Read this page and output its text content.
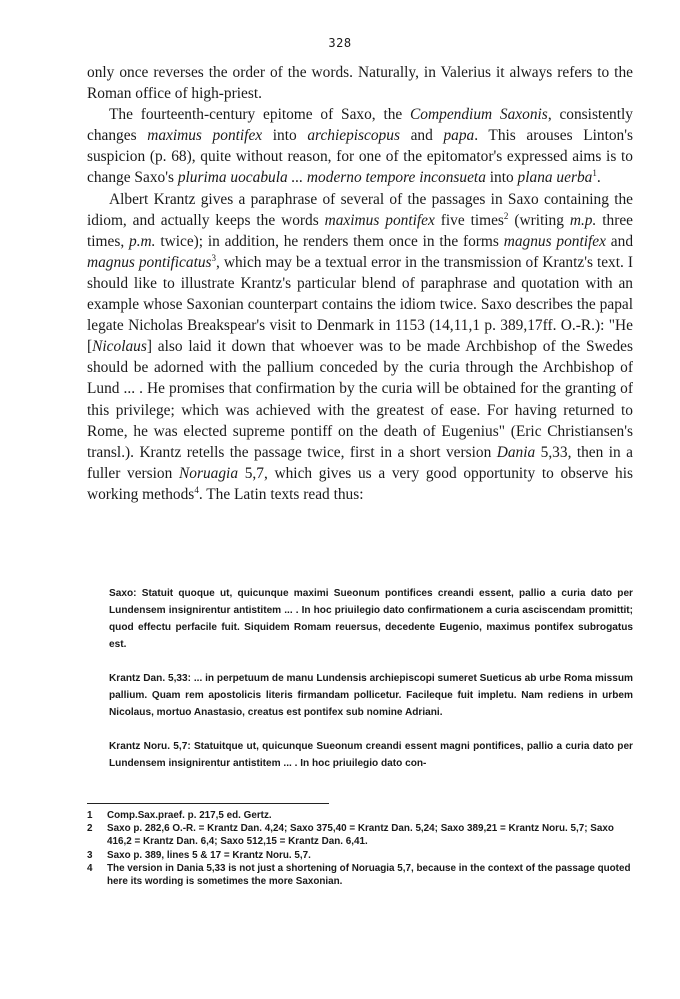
328

only once reverses the order of the words. Naturally, in Valerius it always refers to the Roman office of high-priest.

The fourteenth-century epitome of Saxo, the Compendium Saxonis, consistently changes maximus pontifex into archiepiscopus and papa. This arouses Linton's suspicion (p. 68), quite without reason, for one of the epitomator's expressed aims is to change Saxo's plurima uocabula ... moderno tempore inconsueta into plana uerba$^1$.

Albert Krantz gives a paraphrase of several of the passages in Saxo containing the idiom, and actually keeps the words maximus pontifex five times$^2$ (writing m.p. three times, p.m. twice); in addition, he renders them once in the forms magnus pontifex and magnus pontificatus$^3$, which may be a textual error in the transmission of Krantz's text. I should like to illustrate Krantz's particular blend of paraphrase and quotation with an example whose Saxonian counterpart contains the idiom twice. Saxo describes the papal legate Nicholas Breakspear's visit to Denmark in 1153 (14,11,1 p. 389,17ff. O.-R.): "He [Nicolaus] also laid it down that whoever was to be made Archbishop of the Swedes should be adorned with the pallium conceded by the curia through the Archbishop of Lund ... . He promises that confirmation by the curia will be obtained for the granting of this privilege; which was achieved with the greatest of ease. For having returned to Rome, he was elected supreme pontiff on the death of Eugenius" (Eric Christiansen's transl.). Krantz retells the passage twice, first in a short version Dania 5,33, then in a fuller version Noruagia 5,7, which gives us a very good opportunity to observe his working methods$^4$. The Latin texts read thus:

Saxo: Statuit quoque ut, quicunque maximi Sueonum pontifices creandi essent, pallio a curia dato per Lundensem insignirentur antistitem ... . In hoc priuilegio dato confirmationem a curia asciscendam promittit; quod effectu perfacile fuit. Siquidem Romam reuersus, decedente Eugenio, maximus pontifex subrogatus est.

Krantz Dan. 5,33: ... in perpetuum de manu Lundensis archiepiscopi sumeret Sueticus ab urbe Roma missum pallium. Quam rem apostolicis literis firmandam pollicetur. Facileque fuit impletu. Nam rediens in urbem Nicolaus, mortuo Anastasio, creatus est pontifex sub nomine Adriani.

Krantz Noru. 5,7: Statuitque ut, quicunque Sueonum creandi essent magni pontifices, pallio a curia dato per Lundensem insignirentur antistitem ... . In hoc priuilegio dato con-

1 Comp.Sax.praef. p. 217,5 ed. Gertz.
2 Saxo p. 282,6 O.-R. = Krantz Dan. 4,24; Saxo 375,40 = Krantz Dan. 5,24; Saxo 389,21 = Krantz Noru. 5,7; Saxo 416,2 = Krantz Dan. 6,4; Saxo 512,15 = Krantz Dan. 6,41.
3 Saxo p. 389, lines 5 & 17 = Krantz Noru. 5,7.
4 The version in Dania 5,33 is not just a shortening of Noruagia 5,7, because in the context of the passage quoted here its wording is sometimes the more Saxonian.
